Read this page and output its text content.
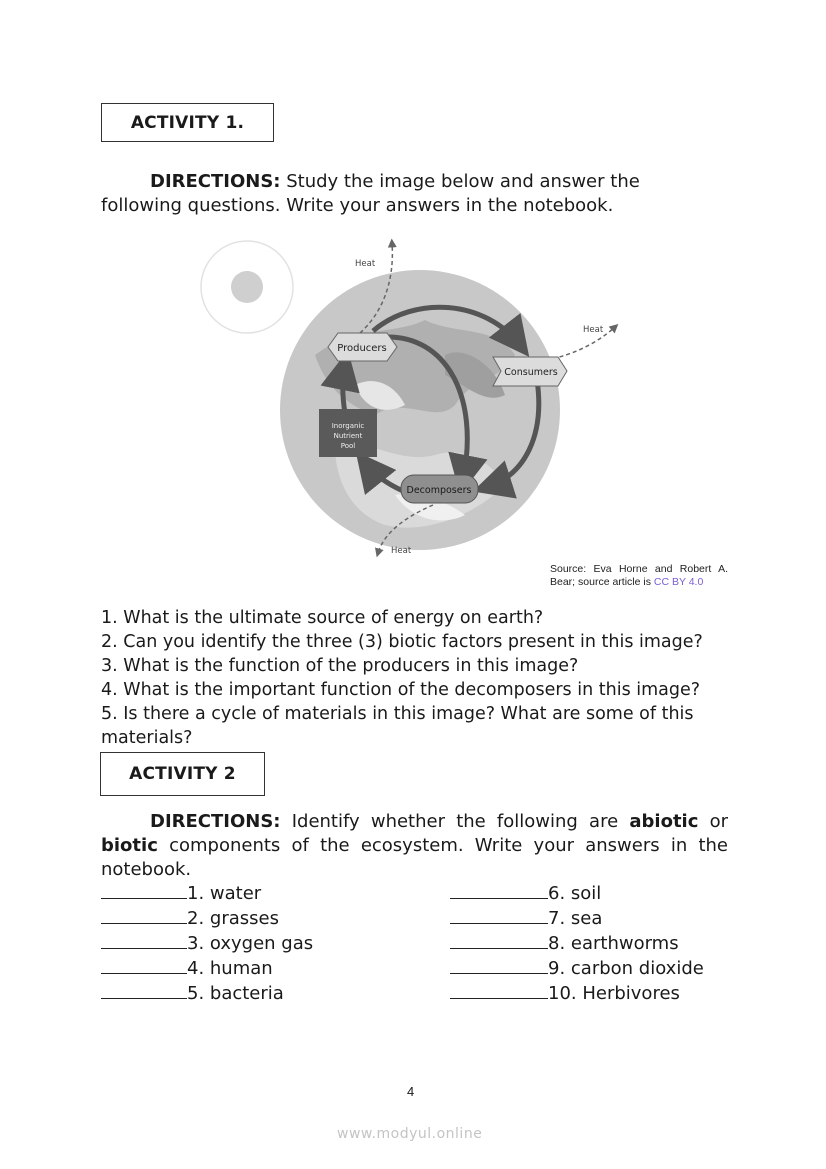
ACTIVITY 1.
DIRECTIONS: Study the image below and answer the
following questions. Write your answers in the notebook.
Producers
Consumers
Decomposers
Inorganic
Nutrient
Pool
Heat
Heat
Heat
Source: Eva Horne and Robert A.
Bear; source article is CC BY 4.0
1. What is the ultimate source of energy on earth?
2. Can you identify the three (3) biotic factors present in this image?
3. What is the function of the producers in this image?
4. What is the important function of the decomposers in this image?
5. Is there a cycle of materials in this image? What are some of this
materials?
ACTIVITY 2
DIRECTIONS: Identify whether the following are abiotic or
biotic components of the ecosystem. Write your answers in the
notebook.
1. water
2. grasses
3. oxygen gas
4. human
5. bacteria
6. soil
7. sea
8. earthworms
9. carbon dioxide
10. Herbivores
4
www.modyul.online
